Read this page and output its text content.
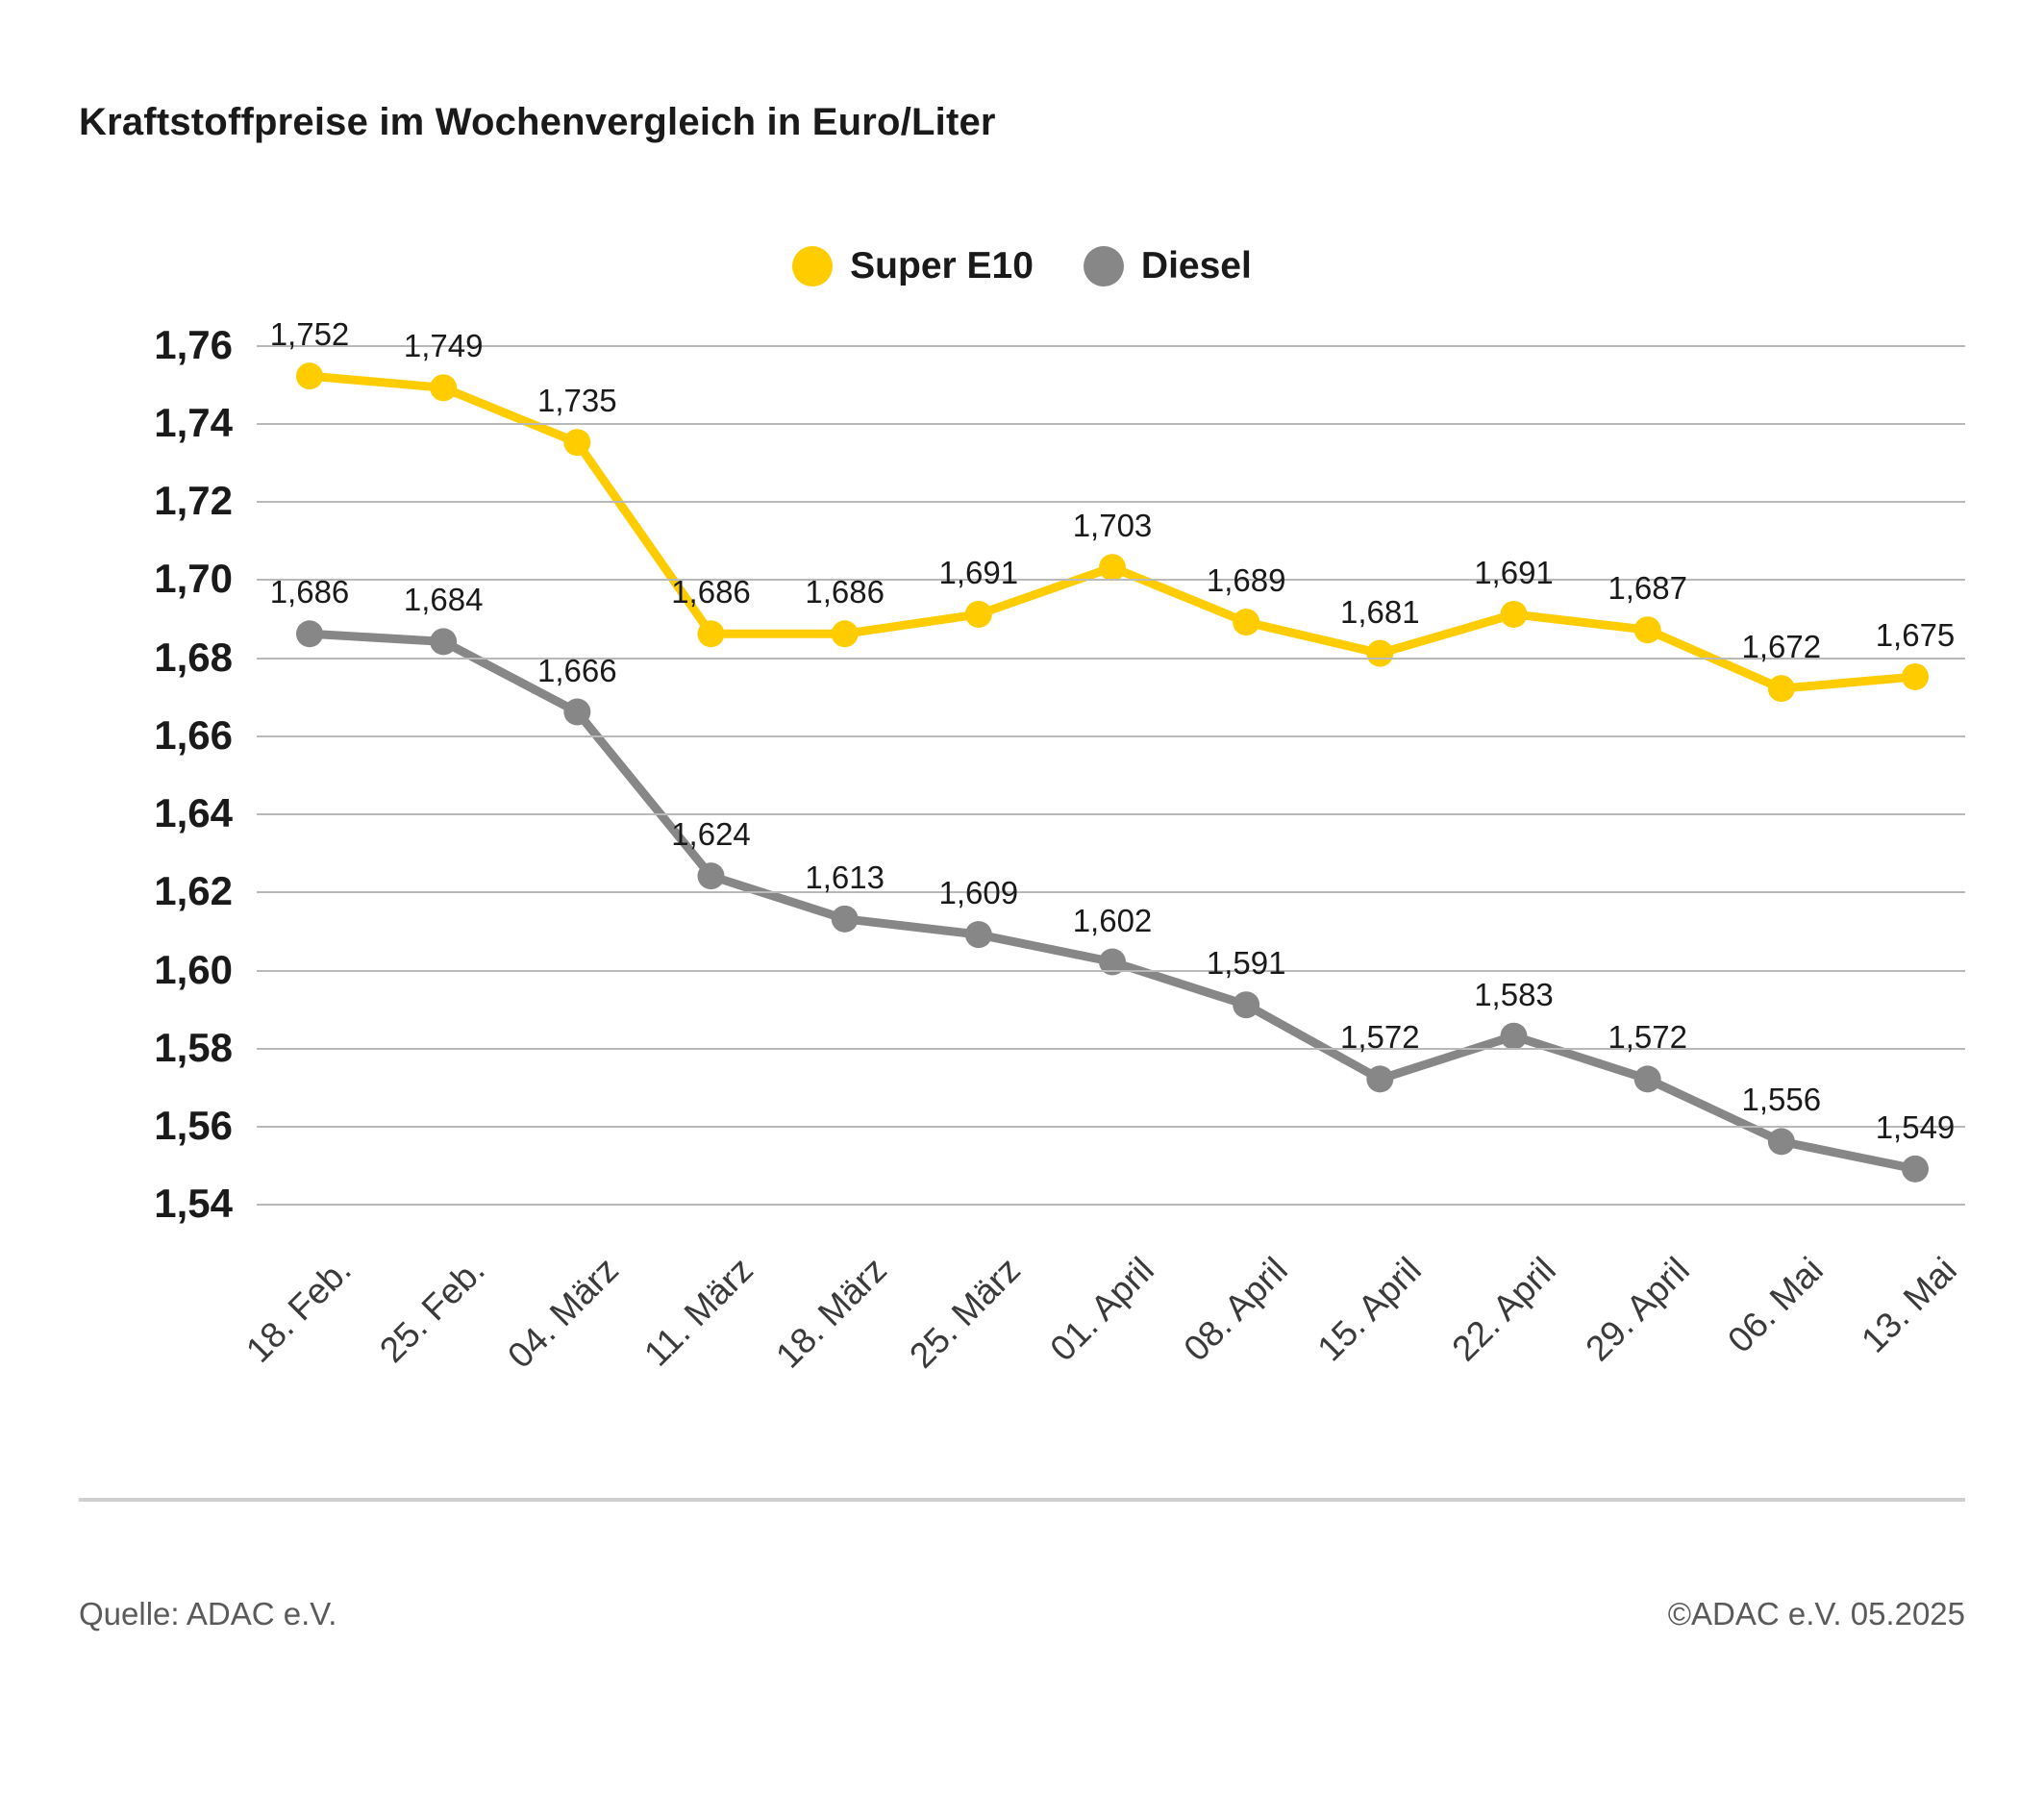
Kraftstoffpreise im Wochenvergleich in Euro/Liter
Super E10	Diesel
1,54
1,56
1,58
1,60
1,62
1,64
1,66
1,68
1,70
1,72
1,74
1,76 1,752 1,749
1,735
1,686 1,686
1,691
1,703
1,689
1,681
1,691 1,687
1,672 1,675
1,686 1,684
1,666
1,624
1,613 1,609
1,602
1,591
1,572
1,583
1,572
1,556
1,549
18. Feb. 25. Feb. 04. März 11. März 18. März 25. März 01. April 08. April 15. April 22. April 29. April 06. Mai 13. Mai
Quelle: ADAC e.V.	©ADAC e.V. 05.2025
